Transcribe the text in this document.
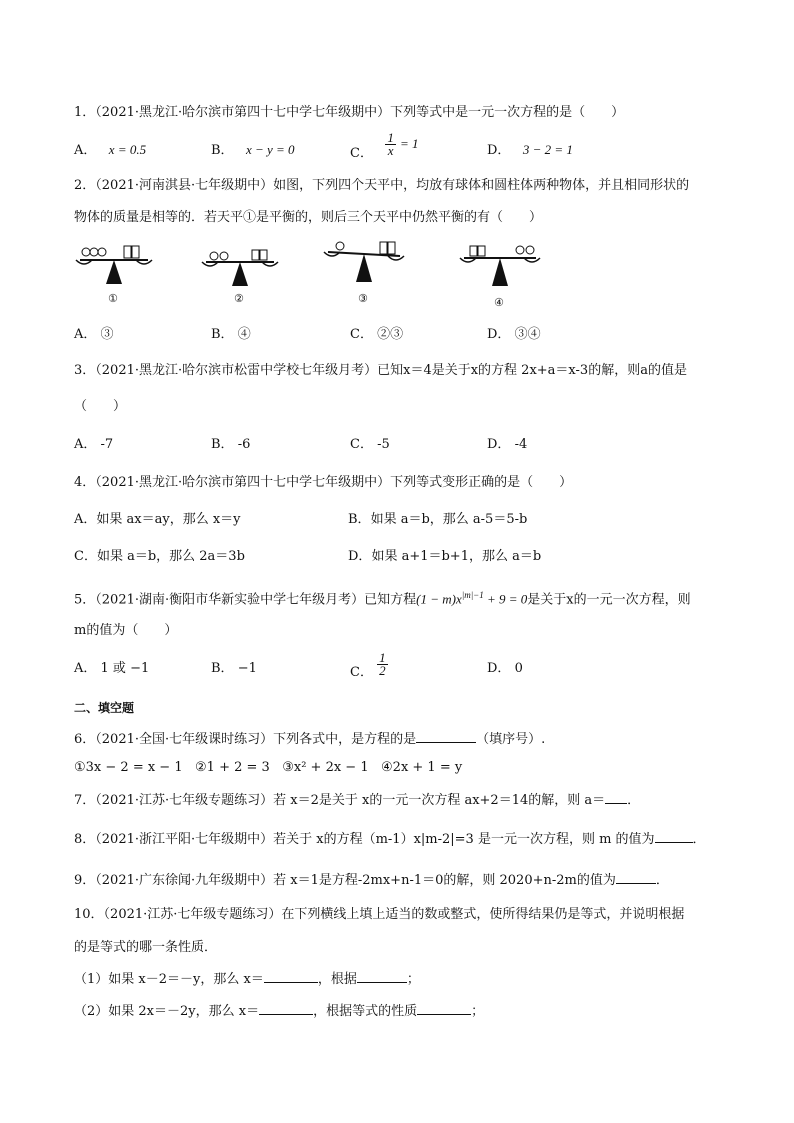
1．（2021·黑龙江·哈尔滨市第四十七中学七年级期中）下列等式中是一元一次方程的是（　　）
A． x = 0.5	B． x − y = 0	C． $\frac{1}{x} = 1$	D． 3 − 2 = 1
2．（2021·河南淇县·七年级期中）如图，下列四个天平中，均放有球体和圆柱体两种物体，并且相同形状的
物体的质量是相等的．若天平①是平衡的，则后三个天平中仍然平衡的有（　　）
①	②	③	④
A． ③	B． ④	C． ②③	D． ③④
3．（2021·黑龙江·哈尔滨市松雷中学校七年级月考）已知x＝4是关于x的方程 2x+a＝x-3的解，则a的值是
（　　）
A． -7	B． -6	C． -5	D． -4
4．（2021·黑龙江·哈尔滨市第四十七中学七年级期中）下列等式变形正确的是（　　）
A．如果 ax＝ay，那么 x＝y	B．如果 a＝b，那么 a-5＝5-b
C．如果 a＝b，那么 2a＝3b	D．如果 a+1＝b+1，那么 a＝b
5．（2021·湖南·衡阳市华新实验中学七年级月考）已知方程$(1 - m)x^{|m|-1} + 9 = 0$是关于x的一元一次方程，则
m的值为（　　）
A． 1 或 −1	B． −1	C． $\frac{1}{2}$	D． 0
二、填空题
6．（2021·全国·七年级课时练习）下列各式中，是方程的是	（填序号）.
①3x − 2 = x − 1 ②1 + 2 = 3 ③x² + 2x − 1 ④2x + 1 = y
7．（2021·江苏·七年级专题练习）若 x＝2是关于 x的一元一次方程 ax+2＝14的解，则 a＝ ．
8．（2021·浙江平阳·七年级期中）若关于 x的方程（m-1）x|m-2|=3 是一元一次方程，则 m 的值为	．
9．（2021·广东徐闻·九年级期中）若 x＝1是方程-2mx+n-1＝0的解，则 2020+n-2m的值为	．
10．（2021·江苏·七年级专题练习）在下列横线上填上适当的数或整式，使所得结果仍是等式，并说明根据
的是等式的哪一条性质．
（1）如果 x－2＝－y，那么 x＝	，根据	；
（2）如果 2x＝－2y，那么 x＝	，根据等式的性质	；
